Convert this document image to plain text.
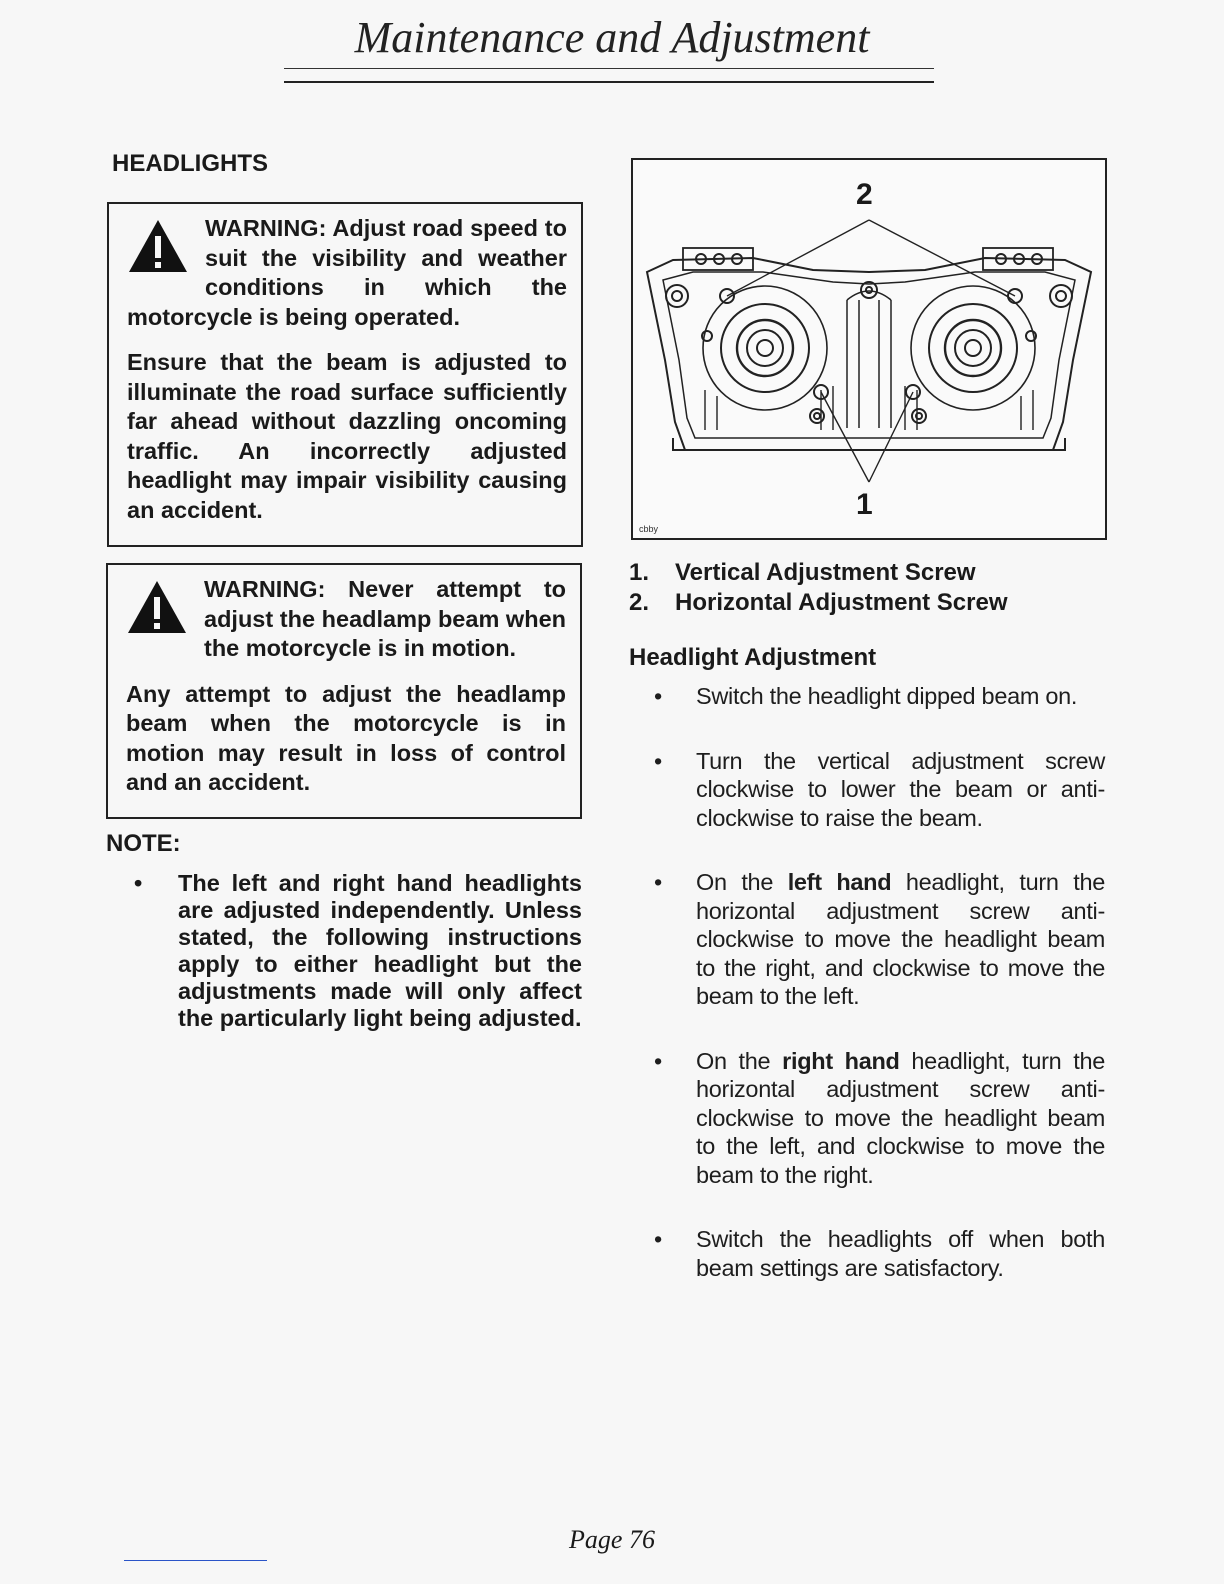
Maintenance and Adjustment
HEADLIGHTS

WARNING: Adjust road speed to suit the visibility and weather conditions in which the motorcycle is being operated.

Ensure that the beam is adjusted to illuminate the road surface sufficiently far ahead without dazzling oncoming traffic. An incorrectly adjusted headlight may impair visibility causing an accident.

WARNING: Never attempt to adjust the headlamp beam when the motorcycle is in motion.

Any attempt to adjust the headlamp beam when the motorcycle is in motion may result in loss of control and an accident.

NOTE:
• The left and right hand headlights are adjusted independently. Unless stated, the following instructions apply to either headlight but the adjustments made will only affect the particularly light being adjusted.
2
1
cbby
1.	Vertical Adjustment Screw
2.	Horizontal Adjustment Screw
Headlight Adjustment
• Switch the headlight dipped beam on.
• Turn the vertical adjustment screw clockwise to lower the beam or anti-clockwise to raise the beam.
• On the left hand headlight, turn the horizontal adjustment screw anti-clockwise to move the headlight beam to the right, and clockwise to move the beam to the left.
• On the right hand headlight, turn the horizontal adjustment screw anti-clockwise to move the headlight beam to the left, and clockwise to move the beam to the right.
• Switch the headlights off when both beam settings are satisfactory.
Page 76
